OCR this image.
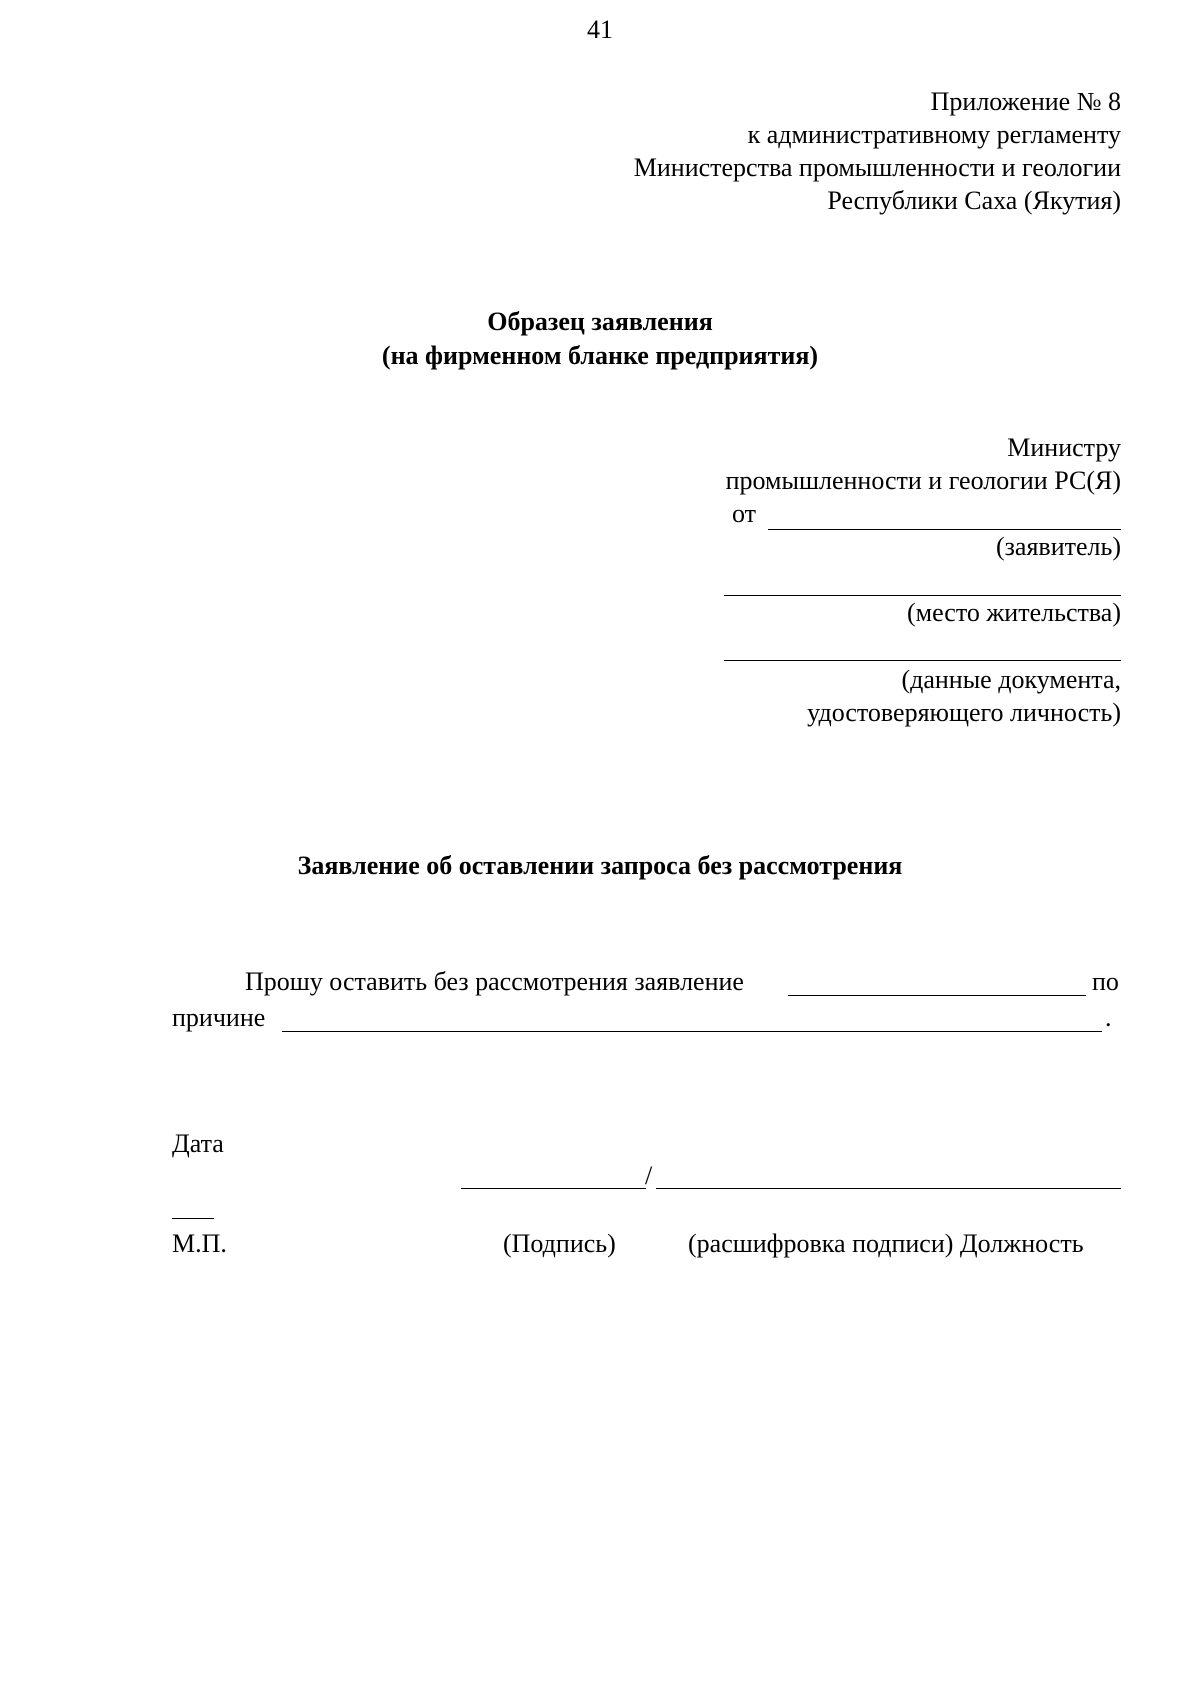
41
Приложение № 8
к административному регламенту
Министерства промышленности и геологии
Республики Саха (Якутия)
Образец заявления
(на фирменном бланке предприятия)
Министру
промышленности и геологии РС(Я)
от
(заявитель)
(место жительства)
(данные документа,
удостоверяющего личность)
Заявление об оставлении запроса без рассмотрения
Прошу оставить без рассмотрения заявление	по
причине	.
Дата
/
М.П.	(Подпись)	(расшифровка подписи) Должность
